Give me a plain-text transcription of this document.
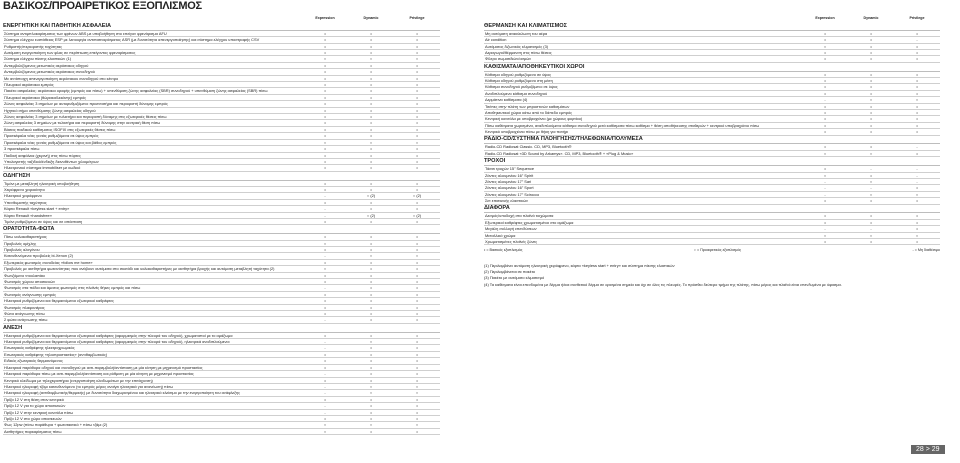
ΒΑΣΙΚΟΣ/ΠΡΟΑΙΡΕΤΙΚΟΣ ΕΞΟΠΛΙΣΜΟΣ
Expression	Dynamic	Privilege
ΕΝΕΡΓΗΤΙΚΗ ΚΑΙ ΠΑΘΗΤΙΚΗ ΑΣΦΑΛΕΙΑ
Σύστημα αντιμπλοκαρίσματος των φρένων ABS με υποβοήθηση στο επείγον φρενάρισμα AFU	•	•	•
Σύστημα ελέγχου ευστάθειας ESP με λειτουργία αντιπατιναρίσματος ASR (με δυνατότητα απενεργοποίησης) και σύστημα ελέγχου υποστροφής CSV	•	•	•
Ρυθμιστής/περιοριστής ταχύτητας	•	•	•
Αυτόματη ενεργοποίηση των φλας σε περίπτωση επείγοντος φρεναρίσματος	•	•	•
Σύστημα ελέγχου πίεσης ελαστικών (1)	○	○	○
Αντιεμβολιζόμενος μετωπικός αερόσακος οδηγού	•	•	•
Αντιεμβολιζόμενος μετωπικός αερόσακος συνοδηγού	•	•	•
Με αντίστοιχη απενεργοποίηση αερόσακου συνοδηγού στο κέντρο	•	•	•
Πλευρικοί αερόσακοι εμπρός	•	•	•
Πακέτο ασφαλείας: αερόσακοι οροφής (εμπρός και πίσω) + υπενθύμιση ζώνης ασφαλείας (SBR) συνοδηγού + υπενθύμιση ζώνης ασφαλείας (SBR) πίσω	•	•	•
Πλευρικοί αερόσακοι (θώρακα/λεκάνης) εμπρός	•	•	•
Ζώνες ασφαλείας 3 σημείων με αυτορυθμιζόμενο προεντατήρα και περιοριστή δύναμης εμπρός	•	•	•
Ηχητικό σήμα υπενθύμισης ζώνης ασφαλείας οδηγού	•	•	•
Ζώνες ασφαλείας 3 σημείων με τυλικτήρα και περιοριστή δύναμης στις εξωτερικές θέσεις πίσω	•	•	•
Ζώνη ασφαλείας 3 σημείων με τυλικτήρα και περιοριστή δύναμης στην κεντρική θέση πίσω	•	•	•
Βάσεις παιδικού καθίσματος ISOFIX στις εξωτερικές θέσεις πίσω	•	•	•
Προσκέφαλα νέας γενιάς ρυθμιζόμενα σε ύψος εμπρός	•	•	•
Προσκέφαλα νέας γενιάς ρυθμιζόμενα σε ύψος και βάθος εμπρός	○	○	○
3 προσκέφαλα πίσω	•	•	•
Παιδική ασφάλεια (χειρινή) στις πίσω πόρτες	•	•	•
Υπολογιστής ταξιδιού/ένδειξη διανυθέντων χιλιομέτρων	•	•	•
Ηλεκτρονικό σύστημα immobiliser με κωδικό	•	•	•
ΟΔΗΓΗΣΗ
Τιμόνι με μεταβλητή ηλεκτρική υποβοήθηση	•	•	•
Χειρόφρενο χειροκίνητο	•	•	•
Ηλεκτρικό χειρόφρενο	-	○ (2)	○ (2)
Υπενθυμιστής ταχύτητας	•	•	•
Κάρτα Renault «keyless start + entry»	-	•	•
Κάρτα Renault «handsfree»	-	○ (2)	○ (2)
Τιμόνι ρυθμιζόμενο σε ύψος και σε απόσταση	•	•	•
ΟΡΑΤΟΤΗΤΑ-ΦΩΤΑ
Πίσω υαλοκαθαριστήρας	•	•	•
Προβολείς ομίχλης	○	•	•
Προβολείς αλογόνου	•	•	•
Κατευθυνόμενοι προβολείς bi-Xenon (2)	-	○	○
Εξωτερικός φωτισμός συνοδείας «follow me home»	•	•	•
Προβολείς με αισθητήρα φωτεινότητας που ανάβουν αυτόματα στο σκοτάδι και υαλοκαθαριστήρες με αισθητήρα βροχής και αυτόματη μεταβλητή ταχύτητα (2)	○	•	•
Φωτιζόμενο ντουλαπάκι	•	•	•
Φωτισμός χώρου αποσκευών	•	•	•
Φωτισμός στα πόδια και άμεσος φωτισμός στις πλαϊνές θήκες εμπρός και πίσω	-	•	•
Φωτισμός ανάγνωσης εμπρός	•	•	•
Ηλεκτρικά ρυθμιζόμενοι και θερμαινόμενοι εξωτερικοί καθρέφτες	•	•	•
Φωτισμός πλαφονιέρας	•	•	•
Φώτα ανάγνωσης πίσω	•	•	•
2 φώτα ανάγνωσης πίσω	-	•	•
ΑΝΕΣΗ
Ηλεκτρικά ρυθμιζόμενοι και θερμαινόμενοι εξωτερικοί καθρέφτες (αφορμισμός στην πλευρά του οδηγού), χρωματιστοί με το αμάξωμα	•	•	•
Ηλεκτρικά ρυθμιζόμενοι και θερμαινόμενοι εξωτερικοί καθρέφτες (αφορμισμός στην πλευρά του οδηγού), ηλεκτρικά αναδιπλούμενοι	-	○	•
Εσωτερικός καθρέφτης ηλεκτροχρωμικός	-	•	•
Εσωτερικός καθρέφτης «ηλιοπροστασίας» (αντιθαμβωτικός)	•	•	•
Ειδικός εξωτερικός θερμαινόμενος	•	•	•
Ηλεκτρικά παράθυρα οδηγού και συνοδηγού με αντι-παρεμβολή/αντίσταση με μία κίνηση με μηχανισμό προστασίας	•	•	•
Ηλεκτρικά παράθυρα πίσω με αντι-παρεμβολή/αντίσταση και ρύθμιση με μία κίνηση με μηχανισμό προστασίας	-	•	•
Κεντρικό κλείδωμα με τηλεχειριστήριο (ενεργοποίηση κλειδωμάτων με την επιτάχυνση)	•	•	•
Ηλεκτρικό ηλιοροφή τζάμι κατευθυνόμενο (το εμπρός μέρος ανοίγει ηλεκτρικά για ανανέωση) πίσω	-	○	○
Ηλεκτρικό ηλιοροφή (αντιθαμβωτικής/θερμικής) με δυνατότητα διαχωρισμένου και ηλεκτρικό κλείσιμο με την ενεργοποίηση του ανάφλεξης	-	○	○
Πρίζα 12 V στη θέση στον κεντρικό	•	•	•
Πρίζα 12 V για το χώρο αποσκευών	-	•	•
Πρίζα 12 V στην κεντρική κονσόλα πίσω	-	•	•
Πρίζα 12 V στο χώρο αποσκευών	•	•	•
Φως 12pw (πίσω παράθυρα + φωτοτακτικό + πίσω τζάμι (2)	○	○	○
Αισθητήρες παρκαρίσματος πίσω	○	•	•
Expression	Dynamic	Privilege
ΘΕΡΜΑΝΣΗ ΚΑΙ ΚΛΙΜΑΤΙΣΜΟΣ
Μη αυτόματη ανακύκλωση του αέρα	•	•	•
Air condition	•	•	-
Αυτόματος διζωνικός κλιματισμός (3)	○	•	•
Αεραγωγοί/θέρμανση στις πίσω θέσεις	•	•	•
Φίλτρο σωματιδιών/οσμών	•	•	•
ΚΑΘΙΣΜΑΤΑ/ΑΠΟΘΗΚΕΥΤΙΚΟΙ ΧΩΡΟΙ
Κάθισμα οδηγού ρυθμιζόμενο σε ύψος	•	•	•
Κάθισμα οδηγού ρυθμιζόμενο στη μέση	•	•	•
Κάθισμα συνοδηγού ρυθμιζόμενο σε ύψος	•	•	•
Αναδιπλούμενο κάθισμα συνοδηγού	•	•	•
Δερμάτινα καθίσματα (4)	-	○	○
Τσέπες στην πλάτη των μπροστινών καθισμάτων	•	•	•
Αποθηκευτικοί χώροι κάτω από το δάπεδο εμπρός	•	•	•
Κεντρική κονσόλα με υποβραχιόνιο (με χώρους φορτίου)	•	•	•
Πίσω καθίσματα χωρισμένα, αναδιπλούμενα κάθισμα συνοδηγού μετά καθίσματα πίσω καθίσμα + θέση αποθήκευσης σταθερών + κεντρικό υποβραχιόνιο πίσω	•	•	•
Κεντρικό υποβραχιόνιο πίσω με θήκη για ποτήρι	•	•	•
ΡΑΔΙΟ-CD/ΣΥΣΤΗΜΑ ΠΛΟΗΓΗΣΗΣ/ΤΗΛΕΦΩΝΙΑ/ΠΟΛΥΜΕΣΑ
Radio-CD Radiosat Classic. CD, MP3, Bluetooth®	•	•	-
Radio-CD Radiosat «3D Sound by Arkamys». CD, MP3, Bluetooth® + «Plug & Music»	○	○	•
ΤΡΟΧΟΙ
Τάσσι τροχών 15" Sequence	•	-	-
Ζάντες αλουμινίου 16" Spirit	○	•	-
Ζάντες αλουμινίου 17" Sari	-	○	-
Ζάντες αλουμινίου 16" Sport	-	-	•
Ζάντες αλουμινίου 17" Scirocco	-	○	○
Σετ επισκευής ελαστικών	•	•	•
ΔΙΑΦΟΡΑ
Δεσμός/υποδοχή στα πλαϊνά τοιχώματα	•	•	•
Εξωτερικοί καθρέφτες χρωματισμένοι στο αμάξωμα	•	•	•
Μεγάλη συλλογή επενδύσεων	-	-	•
Μεταλλικό χρώμα	○	○	○
Χρωματισμένες πλαϊνές ζώνες	•	•	•
• = Βασικός εξοπλισμός	○ = Προαιρετικός εξοπλισμός	- = Μη διαθέσιμο
(1) Περιλαμβάνει αυτόματη ηλεκτρική χειρόφρενο, κάρτα «keyless start + entry» και σύστημα πίεσης ελαστικών
(2) Περιλαμβάνεται σε πακέτο
(3) Πακέτο με αυτόματο κλιματισμό
(4) Τα καθίσματα είναι επενδυμένα με δέρμα ή/και συνθετικό δέρμα σε ορισμένα σημεία και όχι σε όλες τις πλευρές. Το πρόσθιο δεύτερο τμήμα της πλάτης, πίσω μέρος και πλαϊνά είναι επενδυμένα με ύφασμα.
28 > 29
